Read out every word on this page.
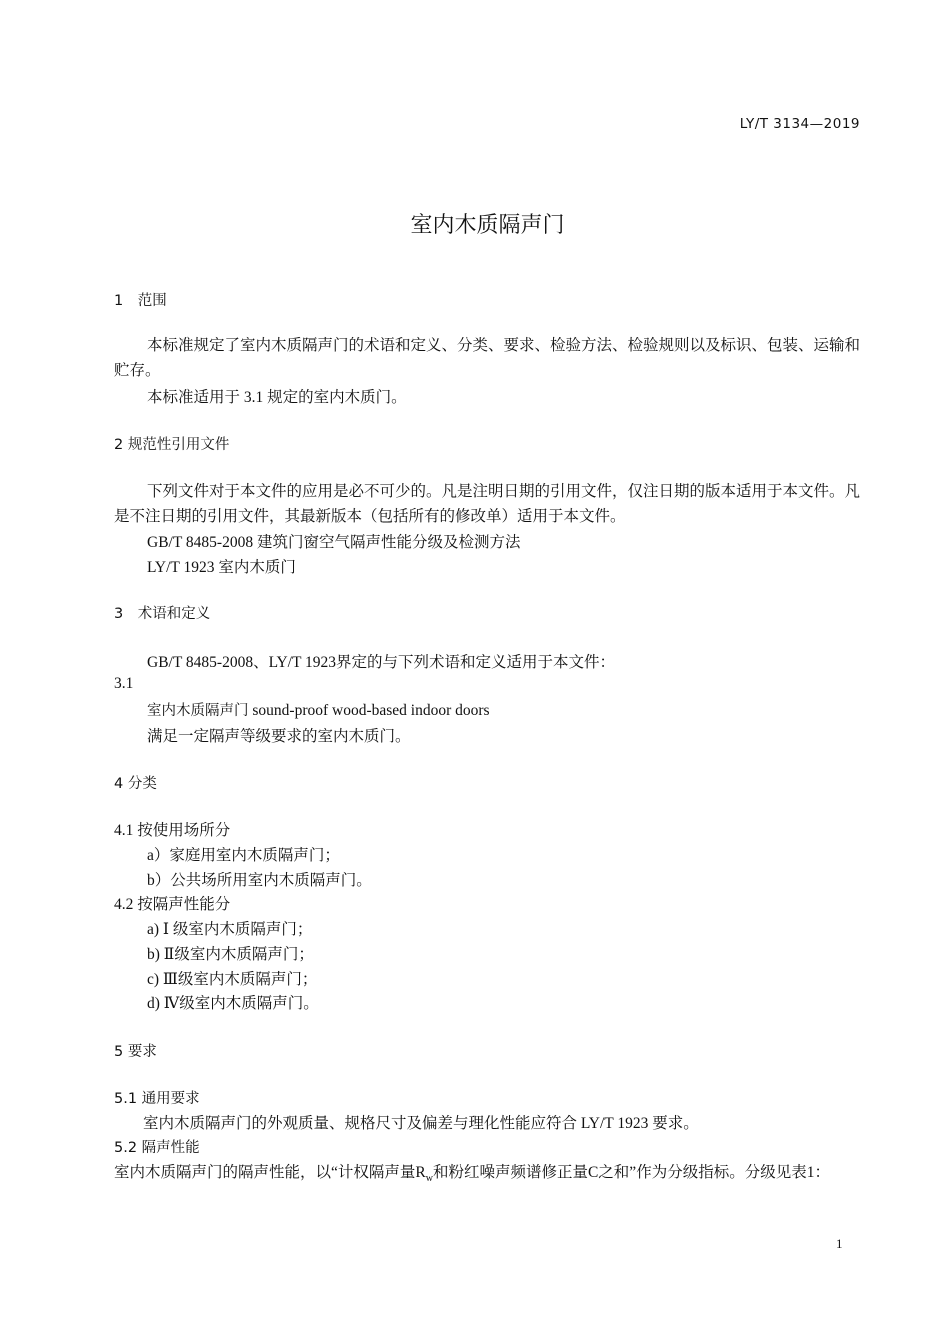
LY/T 3134—2019
室内木质隔声门
1　范围
本标准规定了室内木质隔声门的术语和定义、分类、要求、检验方法、检验规则以及标识、包装、运输和贮存。
本标准适用于 3.1 规定的室内木质门。
2 规范性引用文件
下列文件对于本文件的应用是必不可少的。凡是注明日期的引用文件，仅注日期的版本适用于本文件。凡是不注日期的引用文件，其最新版本（包括所有的修改单）适用于本文件。
GB/T 8485-2008 建筑门窗空气隔声性能分级及检测方法
LY/T 1923 室内木质门
3　术语和定义
GB/T 8485-2008、LY/T 1923界定的与下列术语和定义适用于本文件：
3.1
室内木质隔声门 sound-proof wood-based indoor doors
满足一定隔声等级要求的室内木质门。
4 分类
4.1 按使用场所分
a）家庭用室内木质隔声门；
b）公共场所用室内木质隔声门。
4.2 按隔声性能分
a) Ⅰ 级室内木质隔声门；
b) Ⅱ级室内木质隔声门；
c) Ⅲ级室内木质隔声门；
d) Ⅳ级室内木质隔声门。
5 要求
5.1 通用要求
室内木质隔声门的外观质量、规格尺寸及偏差与理化性能应符合 LY/T 1923 要求。
5.2 隔声性能
室内木质隔声门的隔声性能，以“计权隔声量$R_w$和粉红噪声频谱修正量C之和”作为分级指标。分级见表1：
1
